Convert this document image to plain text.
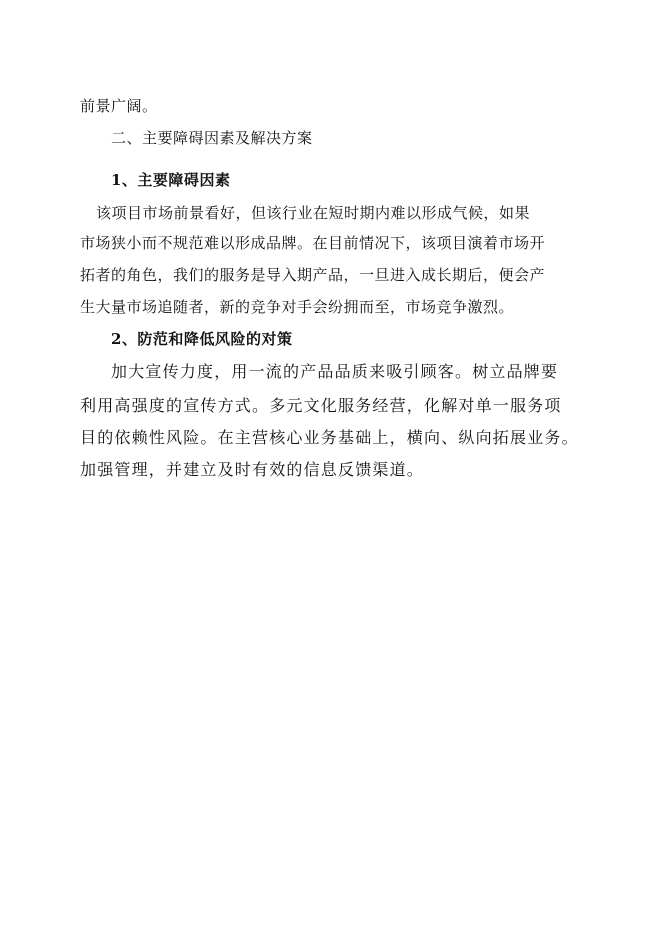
前景广阔。
二、主要障碍因素及解决方案
1、主要障碍因素
该项目市场前景看好，但该行业在短时期内难以形成气候，如果
市场狭小而不规范难以形成品牌。在目前情况下，该项目演着市场开
拓者的角色，我们的服务是导入期产品，一旦进入成长期后，便会产
生大量市场追随者，新的竞争对手会纷拥而至，市场竞争激烈。
2、防范和降低风险的对策
加大宣传力度，用一流的产品品质来吸引顾客。树立品牌要
利用高强度的宣传方式。多元文化服务经营，化解对单一服务项
目的依赖性风险。在主营核心业务基础上，横向、纵向拓展业务。
加强管理，并建立及时有效的信息反馈渠道。
